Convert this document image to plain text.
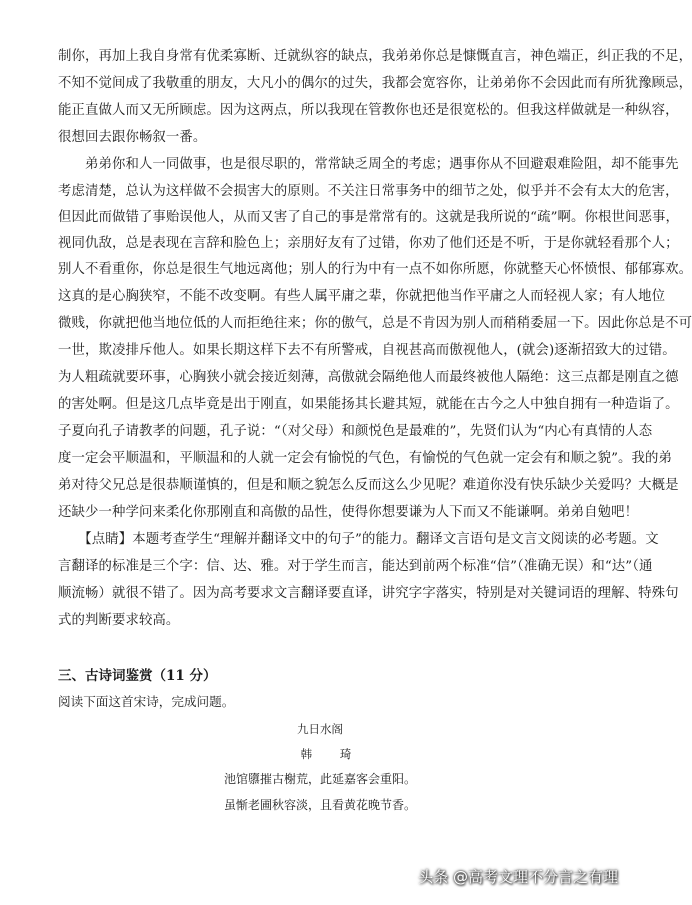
制你，再加上我自身常有优柔寡断、迁就纵容的缺点，我弟弟你总是慷慨直言，神色端正，纠正我的不足，
不知不觉间成了我敬重的朋友，大凡小的偶尔的过失，我都会宽容你，让弟弟你不会因此而有所犹豫顾忌，
能正直做人而又无所顾虑。因为这两点，所以我现在管教你也还是很宽松的。但我这样做就是一种纵容，
很想回去跟你畅叙一番。
　　弟弟你和人一同做事，也是很尽职的，常常缺乏周全的考虑；遇事你从不回避艰难险阻，却不能事先
考虑清楚，总认为这样做不会损害大的原则。不关注日常事务中的细节之处，似乎并不会有太大的危害，
但因此而做错了事贻误他人，从而又害了自己的事是常常有的。这就是我所说的“疏”啊。你根世间恶事，
视同仇敌，总是表现在言辞和脸色上；亲朋好友有了过错，你劝了他们还是不听，于是你就轻看那个人；
别人不看重你，你总是很生气地远离他；别人的行为中有一点不如你所愿，你就整天心怀愤恨、郁郁寡欢。
这真的是心胸狭窄，不能不改变啊。有些人属平庸之辈，你就把他当作平庸之人而轻视人家；有人地位
微贱，你就把他当地位低的人而拒绝往来；你的傲气，总是不肯因为别人而稍稍委屈一下。因此你总是不可
一世，欺凌排斥他人。如果长期这样下去不有所警戒，自视甚高而傲视他人，(就会)逐渐招致大的过错。
为人粗疏就要环事，心胸狭小就会接近刻薄，高傲就会隔绝他人而最终被他人隔绝：这三点都是刚直之德
的害处啊。但是这几点毕竟是出于刚直，如果能扬其长避其短，就能在古今之人中独自拥有一种造诣了。
子夏向孔子请教孝的问题，孔子说：“（对父母）和颜悦色是最难的”，先贤们认为“内心有真情的人态
度一定会平顺温和，平顺温和的人就一定会有愉悦的气色，有愉悦的气色就一定会有和顺之貌”。我的弟
弟对待父兄总是很恭顺谨慎的，但是和顺之貌怎么反而这么少见呢？难道你没有快乐缺少关爱吗？大概是
还缺少一种学问来柔化你那刚直和高傲的品性，使得你想要谦为人下而又不能谦啊。弟弟自勉吧！
　　【点睛】本题考查学生“理解并翻译文中的句子”的能力。翻译文言语句是文言文阅读的必考题。文
言翻译的标准是三个字：信、达、雅。对于学生而言，能达到前两个标准“信”（准确无误）和“达”（通
顺流畅）就很不错了。因为高考要求文言翻译要直译，讲究字字落实，特别是对关键词语的理解、特殊句
式的判断要求较高。
三、古诗词鉴赏（11 分）
阅读下面这首宋诗，完成问题。
九日水阁
韩 琦
池馆隳摧古榭荒，此延嘉客会重阳。
虽惭老圃秋容淡，且看黄花晚节香。
头条 @高考文理不分言之有理
